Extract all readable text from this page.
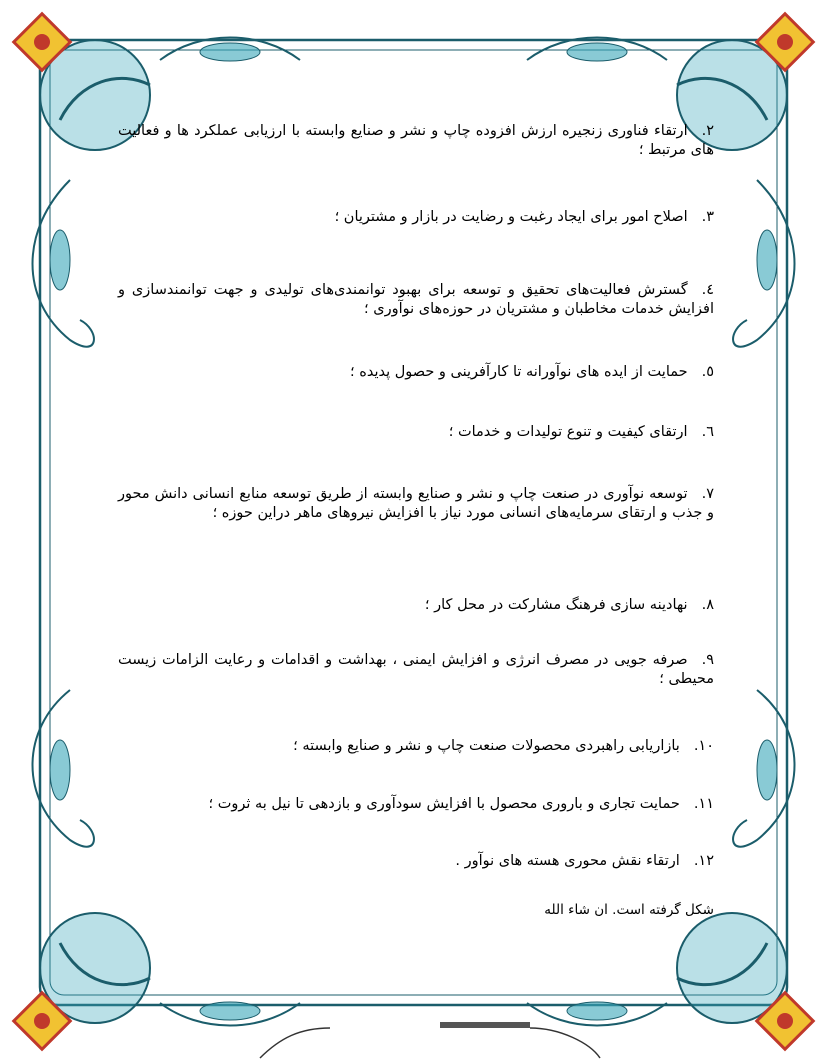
۲.ارتقاء فناوری زنجیره ارزش افزوده چاپ و نشر و صنایع وابسته با ارزیابی عملکرد ها و فعالیت های مرتبط ؛
۳.اصلاح امور برای ایجاد رغبت و رضایت در بازار و مشتریان ؛
٤.گسترش فعالیت‌های تحقیق و توسعه برای بهبود توانمندی‌های تولیدی و جهت توانمندسازی و افزایش خدمات مخاطبان و مشتریان در حوزه‌های نوآوری ؛
٥.حمایت از ایده های نوآورانه تا کارآفرینی و حصول پدیده ؛
٦.ارتقای کیفیت و تنوع تولیدات و خدمات ؛
٧.توسعه نوآوری در صنعت چاپ و نشر و صنایع وابسته از طریق توسعه منابع انسانی دانش محور و جذب و ارتقای سرمایه‌های انسانی مورد نیاز با افزایش نیروهای ماهر دراین حوزه ؛
٨.نهادینه سازی فرهنگ مشارکت در محل کار ؛
٩.صرفه جویی در مصرف انرژی و افزایش ایمنی ، بهداشت و اقدامات و رعایت الزامات زیست محیطی ؛
١٠.بازاریابی راهبردی محصولات صنعت چاپ و نشر و صنایع وابسته ؛
١١.حمایت تجاری و باروری محصول با افزایش سودآوری و بازدهی تا نیل به ثروت ؛
١٢.ارتقاء نقش محوری هسته های نوآور .
شکل گرفته است. ان شاء الله
